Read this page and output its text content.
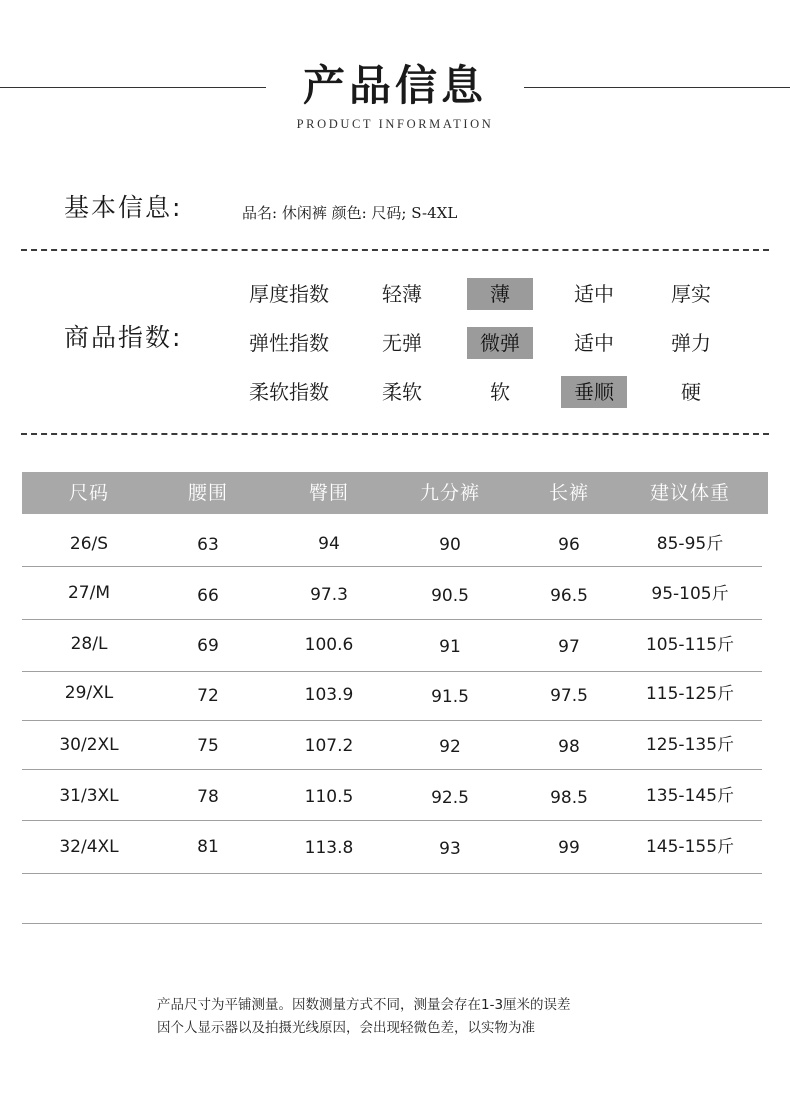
产品信息
PRODUCT INFORMATION
基本信息:	品名: 休闲裤 颜色: 尺码; S-4XL
商品指数:
厚度指数	轻薄	薄	适中	厚实
弹性指数	无弹	微弹	适中	弹力
柔软指数	柔软	软	垂顺	硬
尺码	腰围	臀围	九分裤	长裤	建议体重
26/S	63	94	90	96	85-95斤
27/M	66	97.3	90.5	96.5	95-105斤
28/L	69	100.6	91	97	105-115斤
29/XL	72	103.9	91.5	97.5	115-125斤
30/2XL	75	107.2	92	98	125-135斤
31/3XL	78	110.5	92.5	98.5	135-145斤
32/4XL	81	113.8	93	99	145-155斤
产品尺寸为平铺测量。因数测量方式不同，测量会存在1-3厘米的误差
因个人显示器以及拍摄光线原因，会出现轻微色差，以实物为准
